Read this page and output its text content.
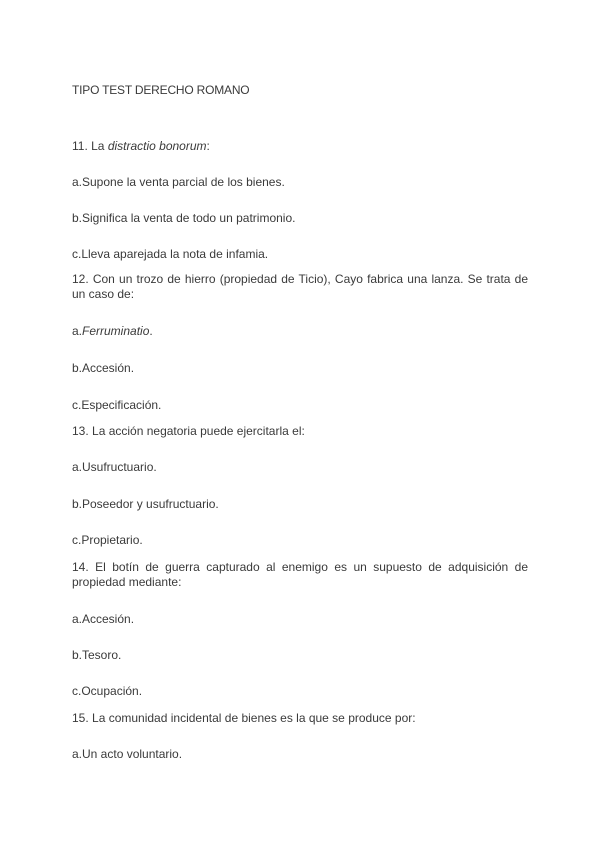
TIPO TEST DERECHO ROMANO
11. La distractio bonorum:
a.Supone la venta parcial de los bienes.
b.Significa la venta de todo un patrimonio.
c.Lleva aparejada la nota de infamia.
12. Con un trozo de hierro (propiedad de Ticio), Cayo fabrica una lanza. Se trata de un caso de:
a.Ferruminatio.
b.Accesión.
c.Especificación.
13. La acción negatoria puede ejercitarla el:
a.Usufructuario.
b.Poseedor y usufructuario.
c.Propietario.
14. El botín de guerra capturado al enemigo es un supuesto de adquisición de propiedad mediante:
a.Accesión.
b.Tesoro.
c.Ocupación.
15. La comunidad incidental de bienes es la que se produce por:
a.Un acto voluntario.
